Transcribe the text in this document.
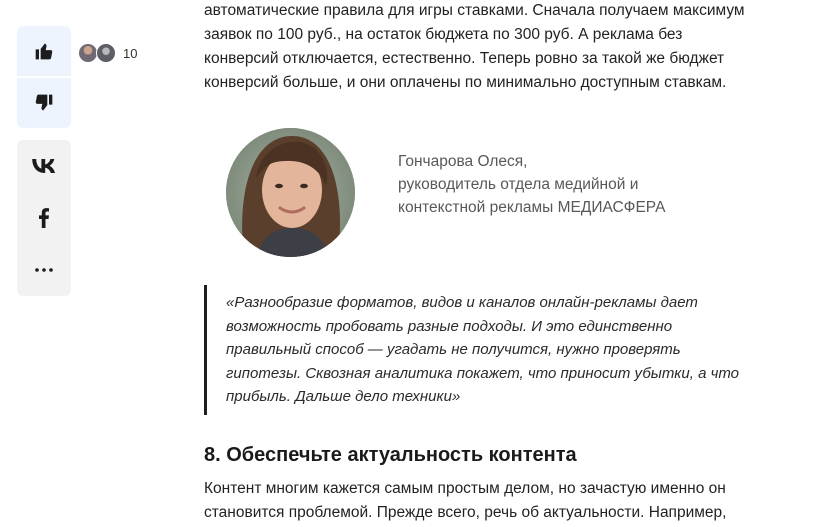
10

автоматические правила для игры ставками. Сначала получаем максимум
заявок по 100 руб., на остаток бюджета по 300 руб. А реклама без
конверсий отключается, естественно. Теперь ровно за такой же бюджет
конверсий больше, и они оплачены по минимально доступным ставкам.

Гончарова Олеся,
руководитель отдела медийной и
контекстной рекламы МЕДИАСФЕРА

«Разнообразие форматов, видов и каналов онлайн-рекламы дает
возможность пробовать разные подходы. И это единственно
правильный способ — угадать не получится, нужно проверять
гипотезы. Сквозная аналитика покажет, что приносит убытки, а что
прибыль. Дальше дело техники»

8. Обеспечьте актуальность контента

Контент многим кажется самым простым делом, но зачастую именно он
становится проблемой. Прежде всего, речь об актуальности. Например,
